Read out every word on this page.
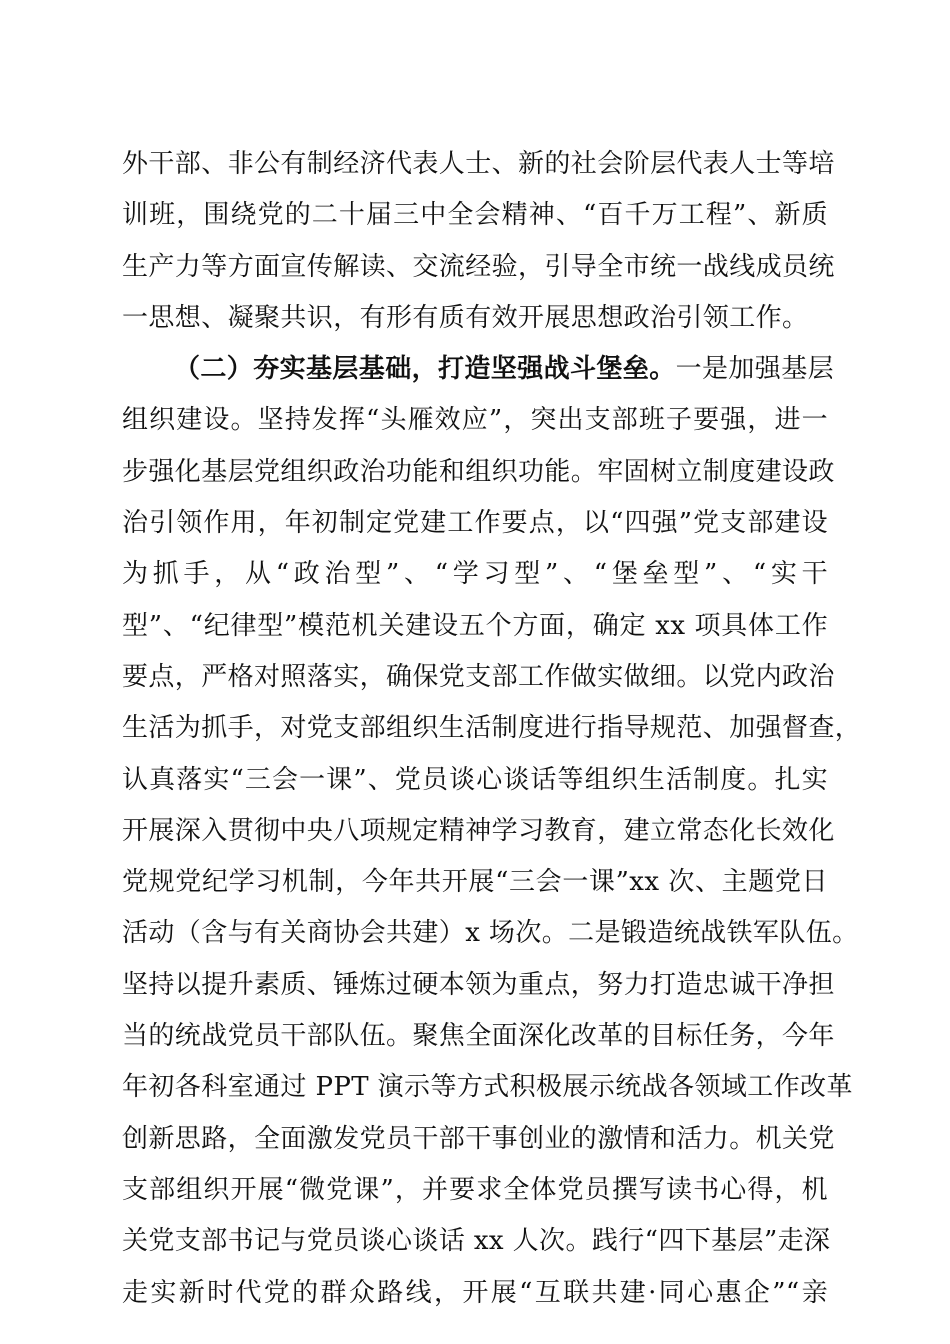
外干部、非公有制经济代表人士、新的社会阶层代表人士等培
训班，围绕党的二十届三中全会精神、“百千万工程”、新质
生产力等方面宣传解读、交流经验，引导全市统一战线成员统
一思想、凝聚共识，有形有质有效开展思想政治引领工作。
（二）夯实基层基础，打造坚强战斗堡垒。一是加强基层
组织建设。坚持发挥“头雁效应”，突出支部班子要强，进一
步强化基层党组织政治功能和组织功能。牢固树立制度建设政
治引领作用，年初制定党建工作要点，以“四强”党支部建设
为抓手，从“政治型”、“学习型”、“堡垒型”、“实干
型”、“纪律型”模范机关建设五个方面，确定 xx 项具体工作
要点，严格对照落实，确保党支部工作做实做细。以党内政治
生活为抓手，对党支部组织生活制度进行指导规范、加强督查，
认真落实“三会一课”、党员谈心谈话等组织生活制度。扎实
开展深入贯彻中央八项规定精神学习教育，建立常态化长效化
党规党纪学习机制，今年共开展“三会一课”xx 次、主题党日
活动（含与有关商协会共建）x 场次。二是锻造统战铁军队伍。
坚持以提升素质、锤炼过硬本领为重点，努力打造忠诚干净担
当的统战党员干部队伍。聚焦全面深化改革的目标任务，今年
年初各科室通过 PPT 演示等方式积极展示统战各领域工作改革
创新思路，全面激发党员干部干事创业的激情和活力。机关党
支部组织开展“微党课”，并要求全体党员撰写读书心得，机
关党支部书记与党员谈心谈话 xx 人次。践行“四下基层”走深
走实新时代党的群众路线，开展“互联共建·同心惠企”“亲
